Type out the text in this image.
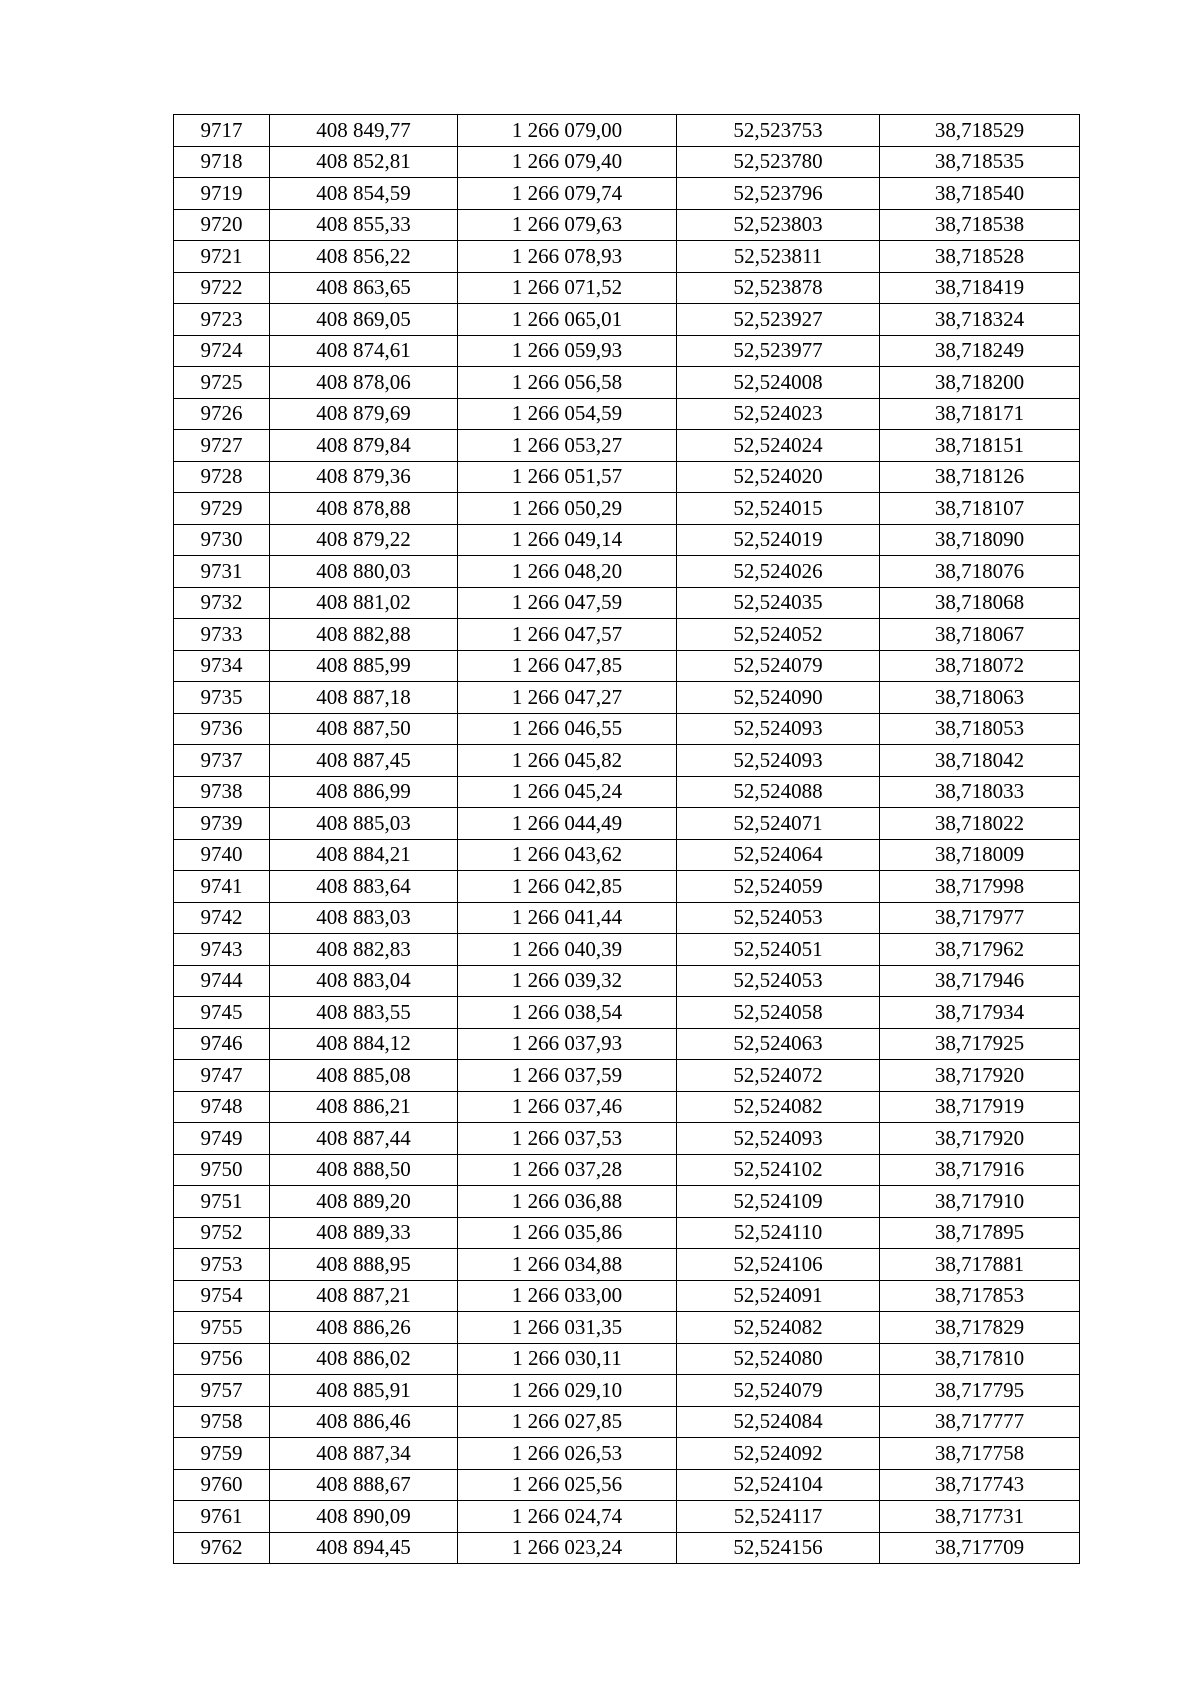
9717	408 849,77	1 266 079,00	52,523753	38,718529
9718	408 852,81	1 266 079,40	52,523780	38,718535
9719	408 854,59	1 266 079,74	52,523796	38,718540
9720	408 855,33	1 266 079,63	52,523803	38,718538
9721	408 856,22	1 266 078,93	52,523811	38,718528
9722	408 863,65	1 266 071,52	52,523878	38,718419
9723	408 869,05	1 266 065,01	52,523927	38,718324
9724	408 874,61	1 266 059,93	52,523977	38,718249
9725	408 878,06	1 266 056,58	52,524008	38,718200
9726	408 879,69	1 266 054,59	52,524023	38,718171
9727	408 879,84	1 266 053,27	52,524024	38,718151
9728	408 879,36	1 266 051,57	52,524020	38,718126
9729	408 878,88	1 266 050,29	52,524015	38,718107
9730	408 879,22	1 266 049,14	52,524019	38,718090
9731	408 880,03	1 266 048,20	52,524026	38,718076
9732	408 881,02	1 266 047,59	52,524035	38,718068
9733	408 882,88	1 266 047,57	52,524052	38,718067
9734	408 885,99	1 266 047,85	52,524079	38,718072
9735	408 887,18	1 266 047,27	52,524090	38,718063
9736	408 887,50	1 266 046,55	52,524093	38,718053
9737	408 887,45	1 266 045,82	52,524093	38,718042
9738	408 886,99	1 266 045,24	52,524088	38,718033
9739	408 885,03	1 266 044,49	52,524071	38,718022
9740	408 884,21	1 266 043,62	52,524064	38,718009
9741	408 883,64	1 266 042,85	52,524059	38,717998
9742	408 883,03	1 266 041,44	52,524053	38,717977
9743	408 882,83	1 266 040,39	52,524051	38,717962
9744	408 883,04	1 266 039,32	52,524053	38,717946
9745	408 883,55	1 266 038,54	52,524058	38,717934
9746	408 884,12	1 266 037,93	52,524063	38,717925
9747	408 885,08	1 266 037,59	52,524072	38,717920
9748	408 886,21	1 266 037,46	52,524082	38,717919
9749	408 887,44	1 266 037,53	52,524093	38,717920
9750	408 888,50	1 266 037,28	52,524102	38,717916
9751	408 889,20	1 266 036,88	52,524109	38,717910
9752	408 889,33	1 266 035,86	52,524110	38,717895
9753	408 888,95	1 266 034,88	52,524106	38,717881
9754	408 887,21	1 266 033,00	52,524091	38,717853
9755	408 886,26	1 266 031,35	52,524082	38,717829
9756	408 886,02	1 266 030,11	52,524080	38,717810
9757	408 885,91	1 266 029,10	52,524079	38,717795
9758	408 886,46	1 266 027,85	52,524084	38,717777
9759	408 887,34	1 266 026,53	52,524092	38,717758
9760	408 888,67	1 266 025,56	52,524104	38,717743
9761	408 890,09	1 266 024,74	52,524117	38,717731
9762	408 894,45	1 266 023,24	52,524156	38,717709
